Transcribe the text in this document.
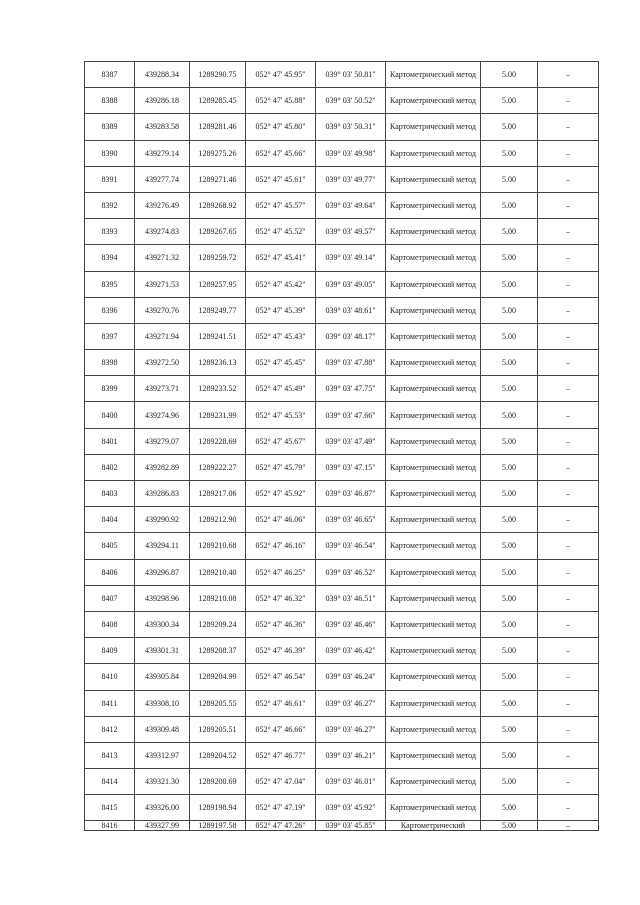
8387	439288.34	1289290.75	052° 47' 45.95"	039° 03' 50.81"	Картометрический метод	5.00	–
8388	439286.18	1289285.45	052° 47' 45.88"	039° 03' 50.52"	Картометрический метод	5.00	–
8389	439283.58	1289281.46	052° 47' 45.80"	039° 03' 50.31"	Картометрический метод	5.00	–
8390	439279.14	1289275.26	052° 47' 45.66"	039° 03' 49.98"	Картометрический метод	5.00	–
8391	439277.74	1289271.46	052° 47' 45.61"	039° 03' 49.77"	Картометрический метод	5.00	–
8392	439276.49	1289268.92	052° 47' 45.57"	039° 03' 49.64"	Картометрический метод	5.00	–
8393	439274.83	1289267.65	052° 47' 45.52"	039° 03' 49.57"	Картометрический метод	5.00	–
8394	439271.32	1289259.72	052° 47' 45.41"	039° 03' 49.14"	Картометрический метод	5.00	–
8395	439271.53	1289257.95	052° 47' 45.42"	039° 03' 49.05"	Картометрический метод	5.00	–
8396	439270.76	1289249.77	052° 47' 45.39"	039° 03' 48.61"	Картометрический метод	5.00	–
8397	439271.94	1289241.51	052° 47' 45.43"	039° 03' 48.17"	Картометрический метод	5.00	–
8398	439272.50	1289236.13	052° 47' 45.45"	039° 03' 47.88"	Картометрический метод	5.00	–
8399	439273.71	1289233.52	052° 47' 45.49"	039° 03' 47.75"	Картометрический метод	5.00	–
8400	439274.96	1289231.99	052° 47' 45.53"	039° 03' 47.66"	Картометрический метод	5.00	–
8401	439279.07	1289228.69	052° 47' 45.67"	039° 03' 47.49"	Картометрический метод	5.00	–
8402	439282.89	1289222.27	052° 47' 45.79"	039° 03' 47.15"	Картометрический метод	5.00	–
8403	439286.83	1289217.06	052° 47' 45.92"	039° 03' 46.87"	Картометрический метод	5.00	–
8404	439290.92	1289212.90	052° 47' 46.06"	039° 03' 46.65"	Картометрический метод	5.00	–
8405	439294.11	1289210.68	052° 47' 46.16"	039° 03' 46.54"	Картометрический метод	5.00	–
8406	439296.87	1289210.40	052° 47' 46.25"	039° 03' 46.52"	Картометрический метод	5.00	–
8407	439298.96	1289210.08	052° 47' 46.32"	039° 03' 46.51"	Картометрический метод	5.00	–
8408	439300.34	1289209.24	052° 47' 46.36"	039° 03' 46.46"	Картометрический метод	5.00	–
8409	439301.31	1289208.37	052° 47' 46.39"	039° 03' 46.42"	Картометрический метод	5.00	–
8410	439305.84	1289204.99	052° 47' 46.54"	039° 03' 46.24"	Картометрический метод	5.00	–
8411	439308.10	1289205.55	052° 47' 46.61"	039° 03' 46.27"	Картометрический метод	5.00	–
8412	439309.48	1289205.51	052° 47' 46.66"	039° 03' 46.27"	Картометрический метод	5.00	–
8413	439312.97	1289204.52	052° 47' 46.77"	039° 03' 46.21"	Картометрический метод	5.00	–
8414	439321.30	1289200.69	052° 47' 47.04"	039° 03' 46.01"	Картометрический метод	5.00	–
8415	439326.00	1289198.94	052° 47' 47.19"	039° 03' 45.92"	Картометрический метод	5.00	–
8416	439327.99	1289197.58	052° 47' 47.26"	039° 03' 45.85"	Картометрический	5.00	–
